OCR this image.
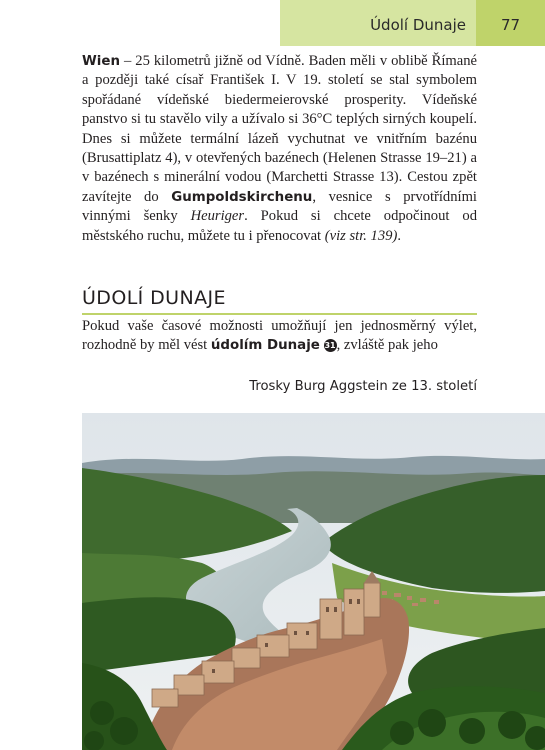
Údolí Dunaje	77

Wien – 25 kilometrů jižně od Vídně. Baden měli v oblibě Římané a později také císař František I. V 19. století se stal symbolem spořádané vídeňské biedermeierovské prosperity. Vídeňské panstvo si tu stavělo vily a užívalo si 36°C teplých sirných koupelí. Dnes si můžete termální lázeň vychutnat ve vnitřním bazénu (Brusattiplatz 4), v otevřených bazénech (Helenen Strasse 19–21) a v bazénech s minerální vodou (Marchetti Strasse 13). Cestou zpět zavítejte do Gumpoldskirchenu, vesnice s prvotřídními vinnými šenky Heuriger. Pokud si chcete odpočinout od městského ruchu, můžete tu i přenocovat (viz str. 139).

ÚDOLÍ DUNAJE

Pokud vaše časové možnosti umožňují jen jednosměrný výlet, rozhodně by měl vést údolím Dunaje 31, zvláště pak jeho

Trosky Burg Aggstein ze 13. století
